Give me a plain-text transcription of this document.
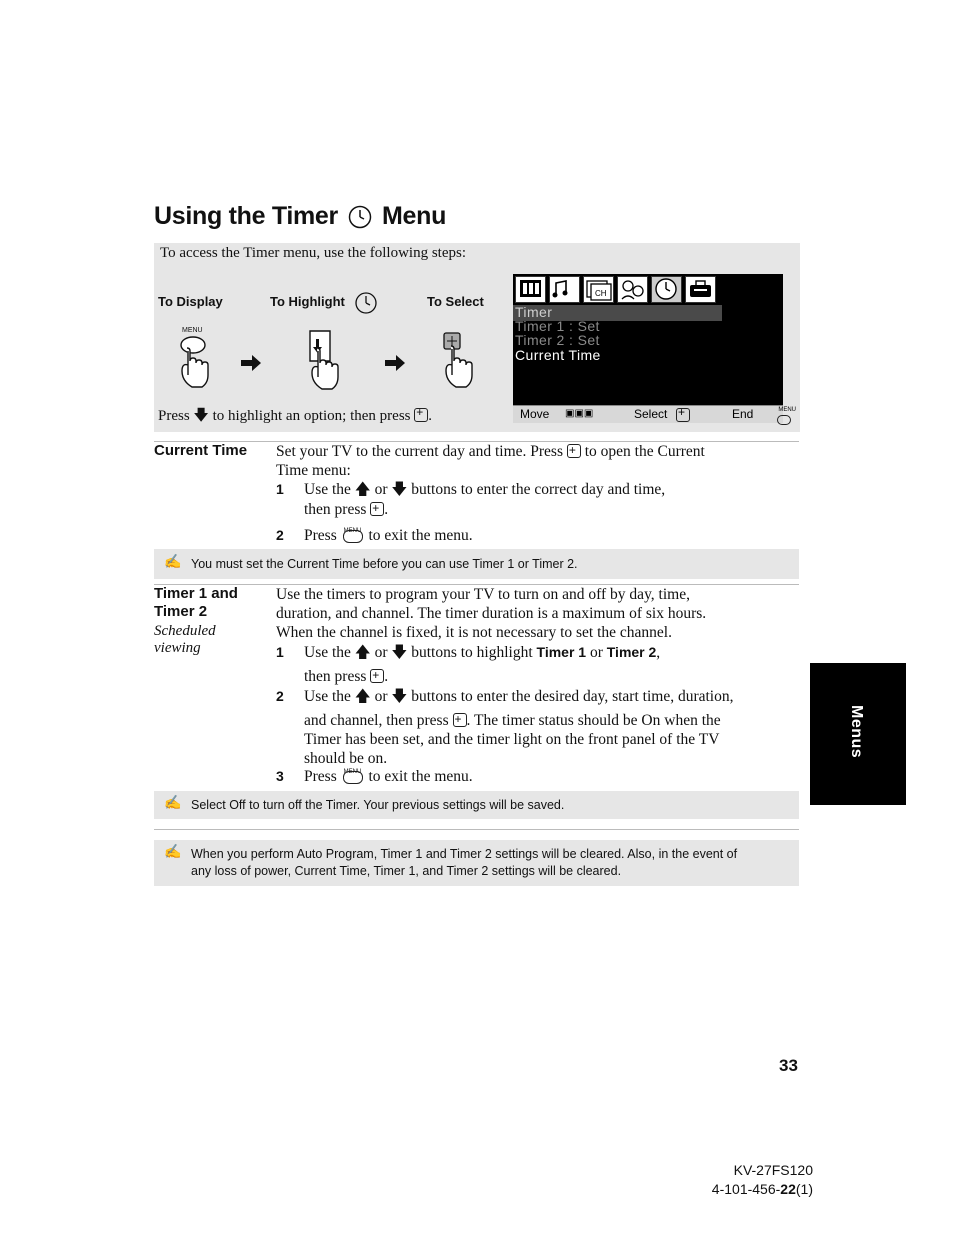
Using the Timer Menu
To access the Timer menu, use the following steps:
To Display	To Highlight	To Select
MENU
Press 🡇 to highlight an option; then press + .
CH
Timer
Timer 1 : Set
Timer 2 : Set
Current Time
Move ▣▣▣	Select +	End
MENU
Current Time Set your TV to the current day and time. Press + to open the Current
Time menu:
1 Use the 🡅 or 🡇 buttons to enter the correct day and time,
then press + .
2 Press MENU to exit the menu.
✍ You must set the Current Time before you can use Timer 1 or Timer 2.
Timer 1 and
Timer 2
Scheduled
viewing
Use the timers to program your TV to turn on and off by day, time,
duration, and channel. The timer duration is a maximum of six hours.
When the channel is fixed, it is not necessary to set the channel.
1 Use the 🡅 or 🡇 buttons to highlight Timer 1 or Timer 2,
then press + .
2 Use the 🡅 or 🡇 buttons to enter the desired day, start time, duration,
and channel, then press + . The timer status should be On when the
Timer has been set, and the timer light on the front panel of the TV
should be on.
3 Press MENU to exit the menu.
✍ Select Off to turn off the Timer. Your previous settings will be saved.
✍ When you perform Auto Program, Timer 1 and Timer 2 settings will be cleared. Also, in the event of
any loss of power, Current Time, Timer 1, and Timer 2 settings will be cleared.
Menus
33
KV-27FS120
4-101-456-22(1)
